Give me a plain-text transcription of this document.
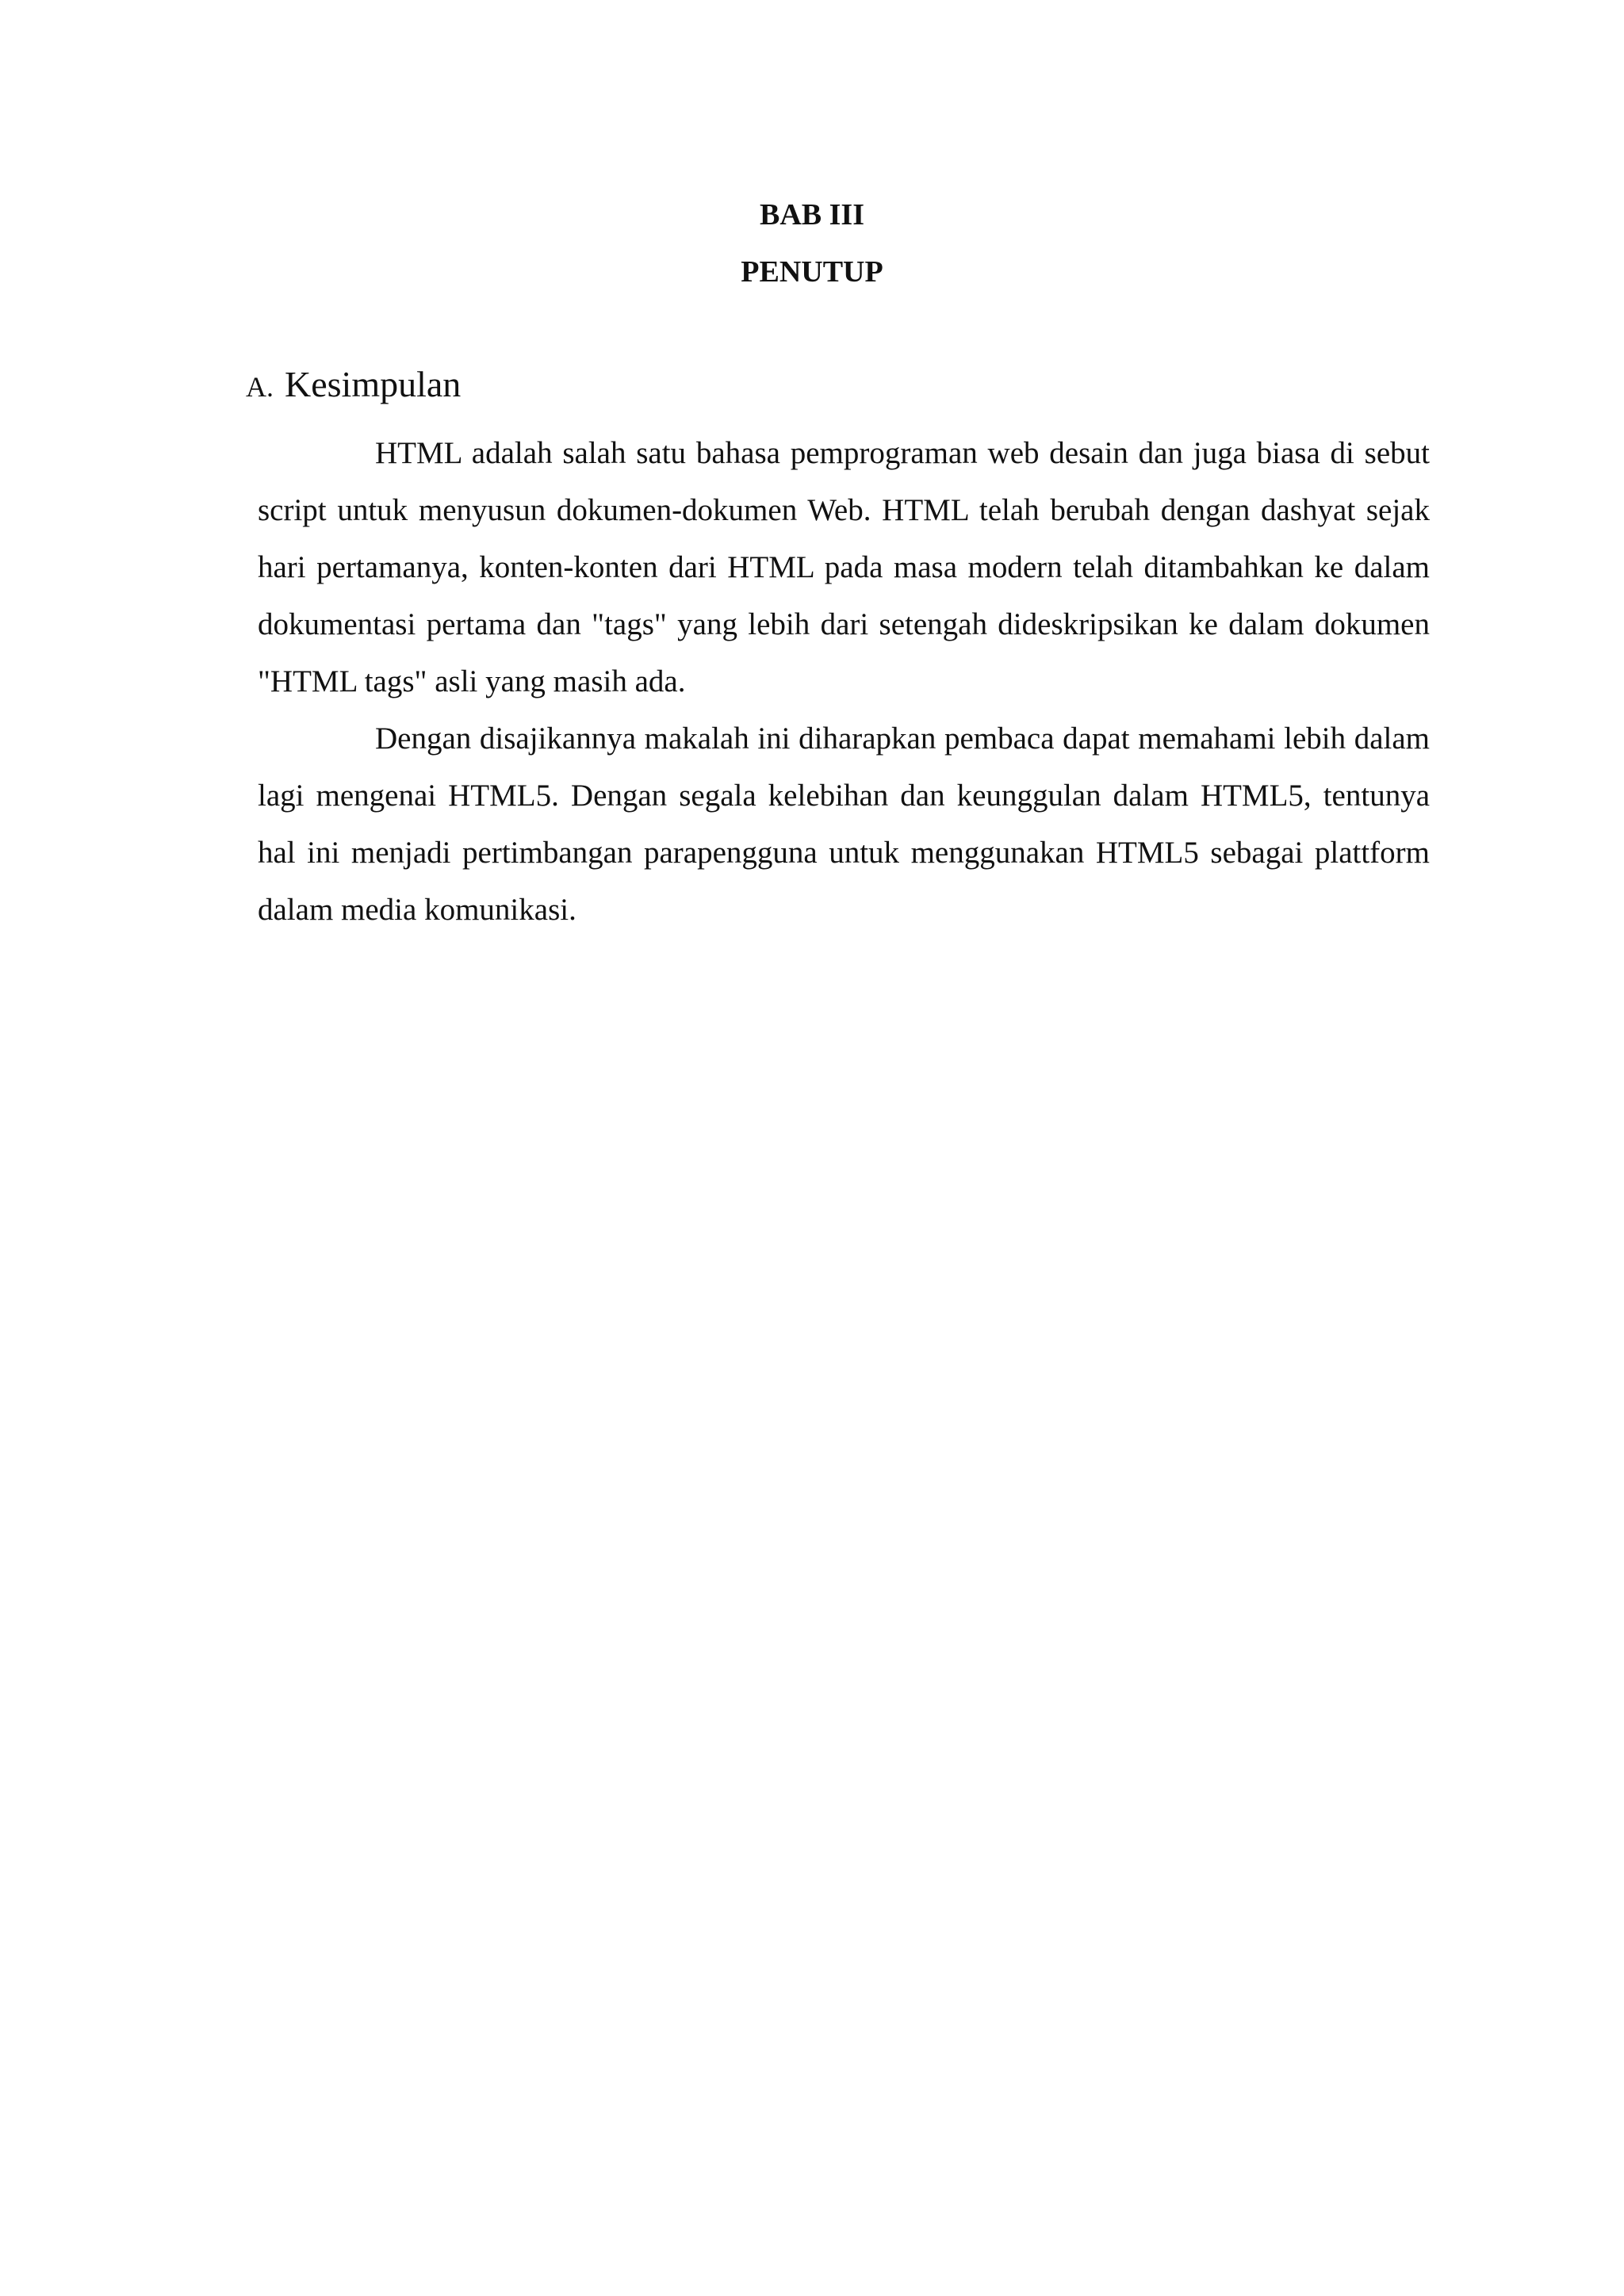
BAB III
PENUTUP
A. Kesimpulan

HTML adalah salah satu bahasa pemprograman web desain dan juga biasa di sebut script untuk menyusun dokumen-dokumen Web. HTML telah berubah dengan dashyat sejak hari pertamanya, konten-konten dari HTML pada masa modern telah ditambahkan ke dalam dokumentasi pertama dan "tags" yang lebih dari setengah dideskripsikan ke dalam dokumen "HTML tags" asli yang masih ada.

Dengan disajikannya makalah ini diharapkan pembaca dapat memahami lebih dalam lagi mengenai HTML5. Dengan segala kelebihan dan keunggulan dalam HTML5, tentunya hal ini menjadi pertimbangan parapengguna untuk menggunakan HTML5 sebagai plattform dalam media komunikasi.
